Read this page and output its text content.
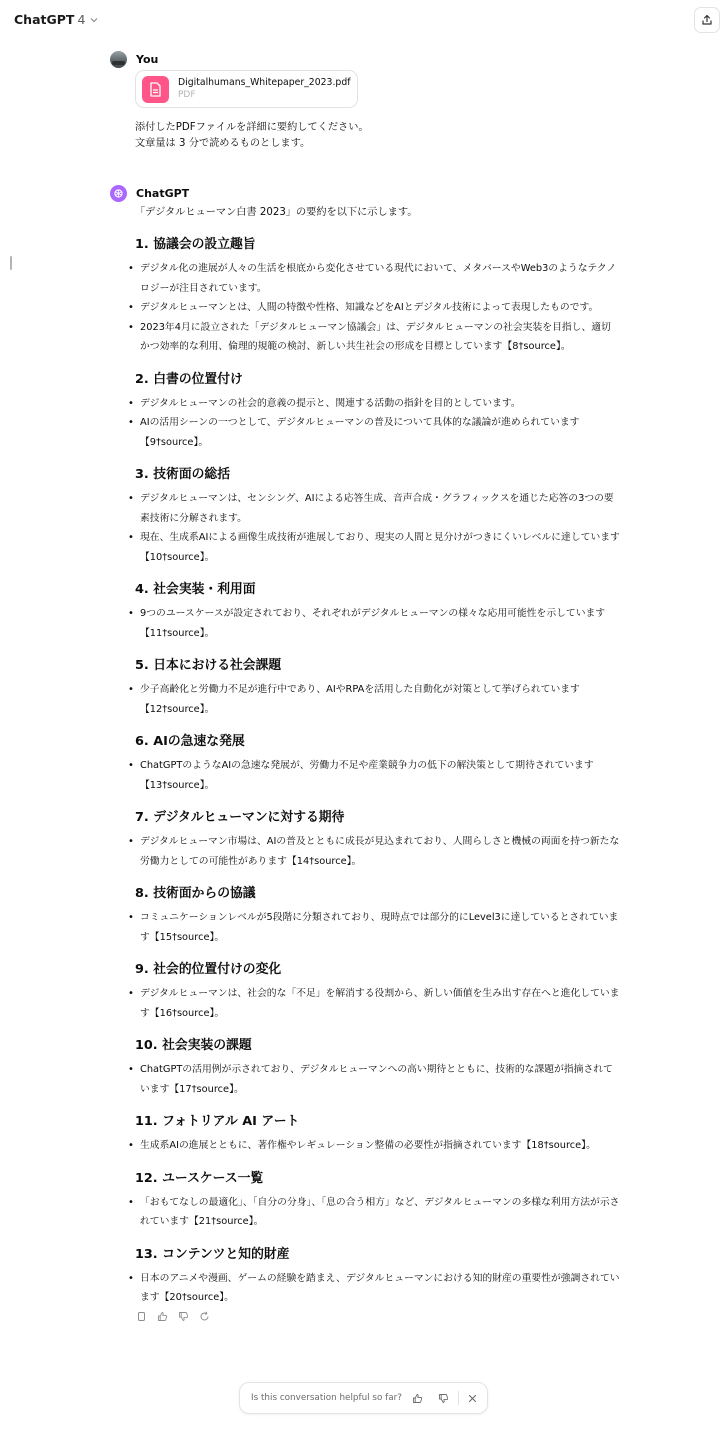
ChatGPT 4
You
Digitalhumans_Whitepaper_2023.pdf
PDF
添付したPDFファイルを詳細に要約してください。
文章量は 3 分で読めるものとします。
ChatGPT
「デジタルヒューマン白書 2023」の要約を以下に示します。
1. 協議会の設立趣旨
• デジタル化の進展が人々の生活を根底から変化させている現代において、メタバースやWeb3のようなテクノロジーが注目されています。
• デジタルヒューマンとは、人間の特徴や性格、知識などをAIとデジタル技術によって表現したものです。
• 2023年4月に設立された「デジタルヒューマン協議会」は、デジタルヒューマンの社会実装を目指し、適切かつ効率的な利用、倫理的規範の検討、新しい共生社会の形成を目標としています【8†source】。
2. 白書の位置付け
• デジタルヒューマンの社会的意義の提示と、関連する活動の指針を目的としています。
• AIの活用シーンの一つとして、デジタルヒューマンの普及について具体的な議論が進められています【9†source】。
3. 技術面の総括
• デジタルヒューマンは、センシング、AIによる応答生成、音声合成・グラフィックスを通じた応答の3つの要素技術に分解されます。
• 現在、生成系AIによる画像生成技術が進展しており、現実の人間と見分けがつきにくいレベルに達しています【10†source】。
4. 社会実装・利用面
• 9つのユースケースが設定されており、それぞれがデジタルヒューマンの様々な応用可能性を示しています【11†source】。
5. 日本における社会課題
• 少子高齢化と労働力不足が進行中であり、AIやRPAを活用した自動化が対策として挙げられています【12†source】。
6. AIの急速な発展
• ChatGPTのようなAIの急速な発展が、労働力不足や産業競争力の低下の解決策として期待されています【13†source】。
7. デジタルヒューマンに対する期待
• デジタルヒューマン市場は、AIの普及とともに成長が見込まれており、人間らしさと機械の両面を持つ新たな労働力としての可能性があります【14†source】。
8. 技術面からの協議
• コミュニケーションレベルが5段階に分類されており、現時点では部分的にLevel3に達しているとされています【15†source】。
9. 社会的位置付けの変化
• デジタルヒューマンは、社会的な「不足」を解消する役割から、新しい価値を生み出す存在へと進化しています【16†source】。
10. 社会実装の課題
• ChatGPTの活用例が示されており、デジタルヒューマンへの高い期待とともに、技術的な課題が指摘されています【17†source】。
11. フォトリアル AI アート
• 生成系AIの進展とともに、著作権やレギュレーション整備の必要性が指摘されています【18†source】。
12. ユースケース一覧
• 「おもてなしの最適化」、「自分の分身」、「息の合う相方」など、デジタルヒューマンの多様な利用方法が示されています【21†source】。
13. コンテンツと知的財産
• 日本のアニメや漫画、ゲームの経験を踏まえ、デジタルヒューマンにおける知的財産の重要性が強調されています【20†source】。
Is this conversation helpful so far?
